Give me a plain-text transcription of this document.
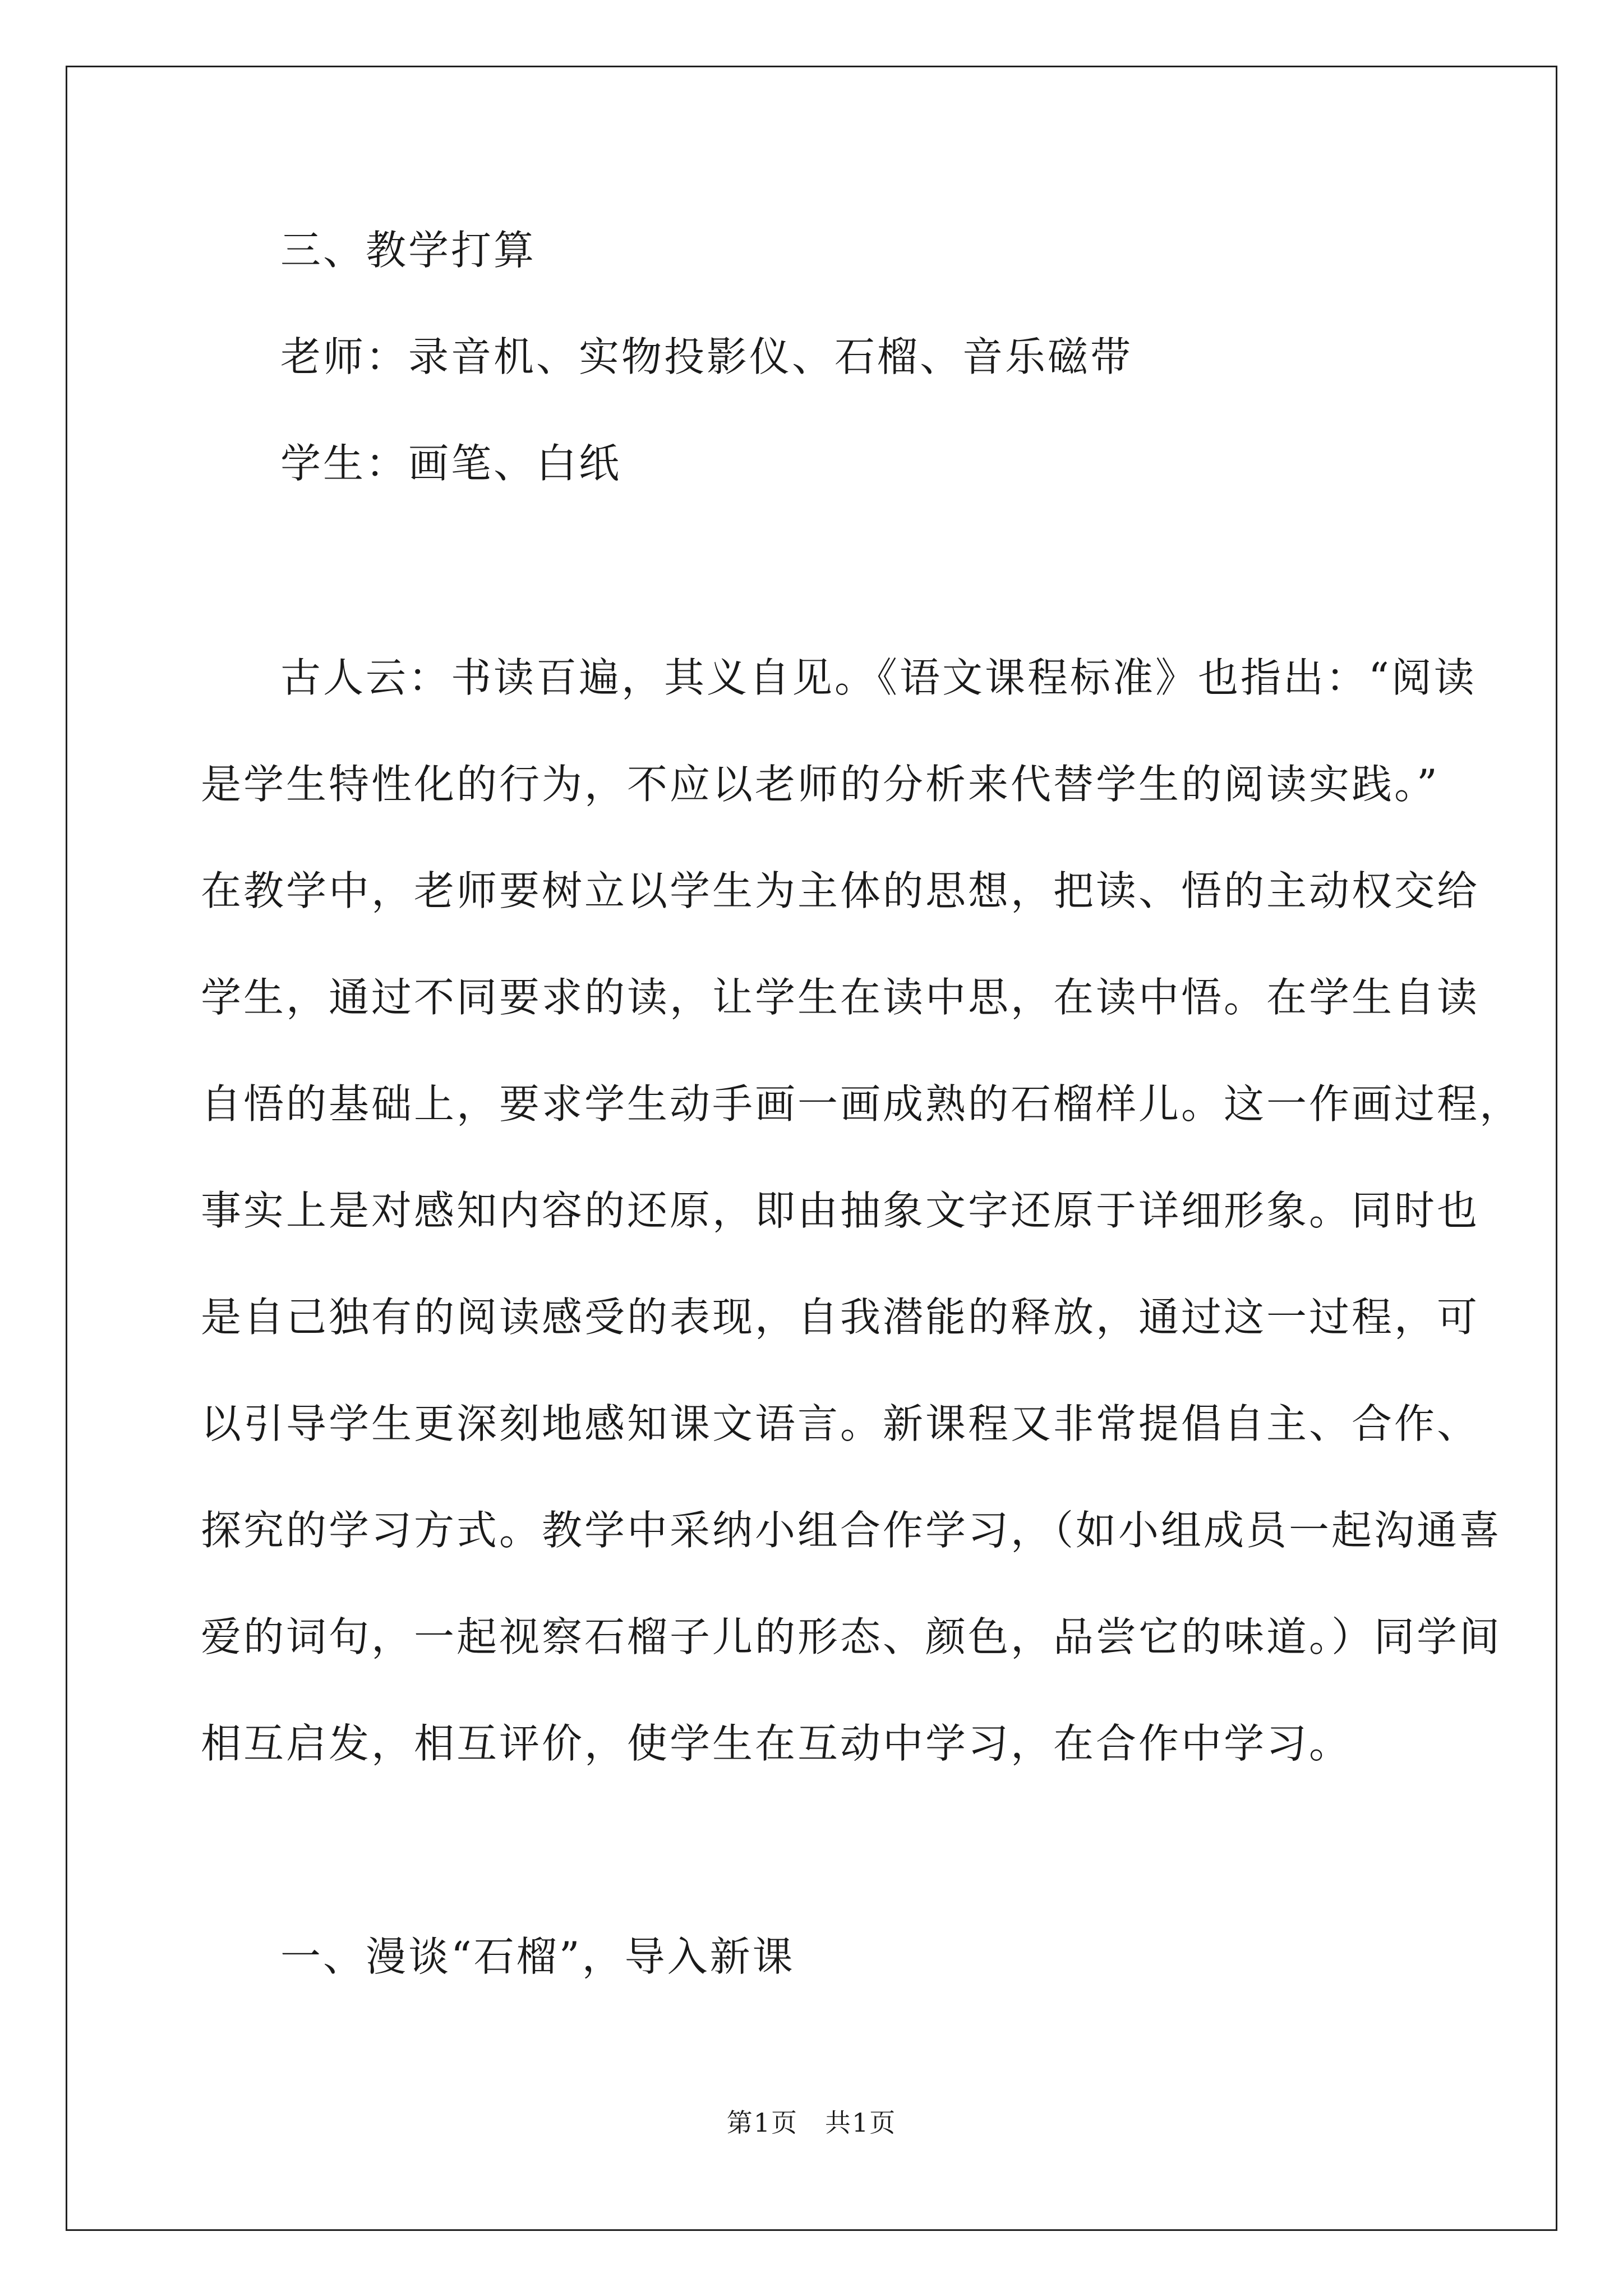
三、教学打算
老师：录音机、实物投影仪、石榴、音乐磁带
学生：画笔、白纸
古人云：书读百遍，其义自见。《语文课程标准》也指出：“阅读
是学生特性化的行为，不应以老师的分析来代替学生的阅读实践。”
在教学中，老师要树立以学生为主体的思想，把读、悟的主动权交给
学生，通过不同要求的读，让学生在读中思，在读中悟。在学生自读
自悟的基础上，要求学生动手画一画成熟的石榴样儿。这一作画过程，
事实上是对感知内容的还原，即由抽象文字还原于详细形象。同时也
是自己独有的阅读感受的表现，自我潜能的释放，通过这一过程，可
以引导学生更深刻地感知课文语言。新课程又非常提倡自主、合作、
探究的学习方式。教学中采纳小组合作学习，（如小组成员一起沟通喜
爱的词句，一起视察石榴子儿的形态、颜色，品尝它的味道。）同学间
相互启发，相互评价，使学生在互动中学习，在合作中学习。
一、漫谈“石榴”，导入新课
第1页　共1页
